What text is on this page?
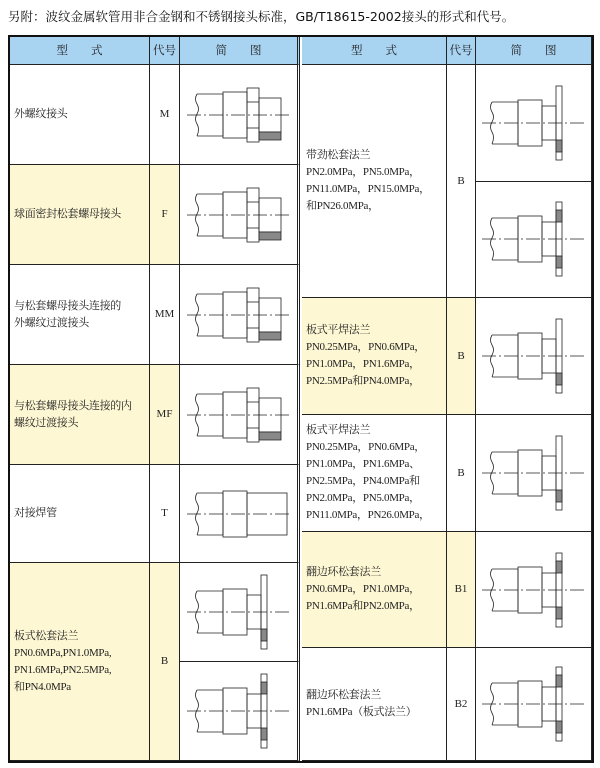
另附：波纹金属软管用非合金钢和不锈钢接头标准，GB/T18615-2002接头的形式和代号。
型　　式	代号	简　　图	型　　式	代号	简　　图
外螺纹接头	M
球面密封松套螺母接头	F
与松套螺母接头连接的
外螺纹过渡接头
MM
与松套螺母接头连接的内
螺纹过渡接头
MF
对接焊管	T
板式松套法兰
PN0.6MPa,PN1.0MPa,
PN1.6MPa,PN2.5MPa,
和PN4.0MPa
B
带劲松套法兰
PN2.0MPa，PN5.0MPa，
PN11.0MPa，PN15.0MPa，
和PN26.0MPa，
B
板式平焊法兰
PN0.25MPa，PN0.6MPa，
PN1.0MPa，PN1.6MPa，
PN2.5MPa和PN4.0MPa，
B
板式平焊法兰
PN0.25MPa，PN0.6MPa，
PN1.0MPa，PN1.6MPa、
PN2.5MPa，PN4.0MPa和
PN2.0MPa，PN5.0MPa，
PN11.0MPa，PN26.0MPa，
B
翻边环松套法兰
PN0.6MPa，PN1.0MPa，
PN1.6MPa和PN2.0MPa，
B1
翻边环松套法兰
PN1.6MPa（板式法兰）
B2
